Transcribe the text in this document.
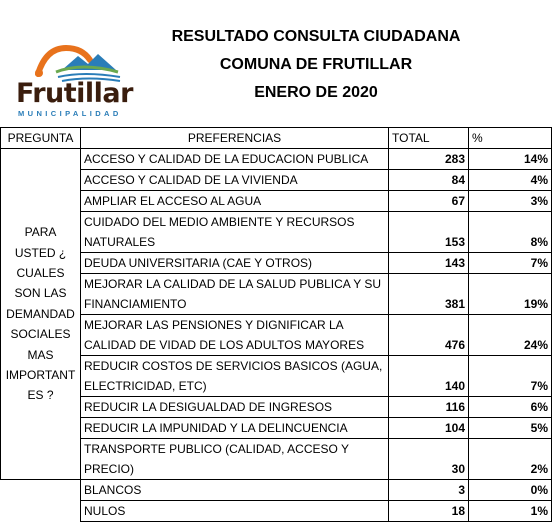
Frutillar
MUNICIPALIDAD
RESULTADO CONSULTA CIUDADANA
COMUNA DE FRUTILLAR
ENERO DE 2020
PREGUNTA	PREFERENCIAS	TOTAL	%
PARA USTED ¿ CUALES SON LAS DEMANDAD SOCIALES MAS IMPORTANT ES ?	ACCESO Y CALIDAD DE LA EDUCACION PUBLICA	283	14%
	ACCESO Y CALIDAD DE LA VIVIENDA	84	4%
	AMPLIAR EL ACCESO AL AGUA	67	3%
	CUIDADO DEL MEDIO AMBIENTE Y RECURSOS NATURALES	153	8%
	DEUDA UNIVERSITARIA (CAE Y OTROS)	143	7%
	MEJORAR LA CALIDAD DE LA SALUD PUBLICA Y SU FINANCIAMIENTO	381	19%
	MEJORAR LAS PENSIONES Y DIGNIFICAR LA CALIDAD DE VIDAD DE LOS ADULTOS MAYORES	476	24%
	REDUCIR COSTOS DE SERVICIOS BASICOS (AGUA, ELECTRICIDAD, ETC)	140	7%
	REDUCIR LA DESIGUALDAD DE INGRESOS	116	6%
	REDUCIR LA IMPUNIDAD Y LA DELINCUENCIA	104	5%
	TRANSPORTE PUBLICO (CALIDAD, ACCESO Y PRECIO)	30	2%
	BLANCOS	3	0%
	NULOS	18	1%
